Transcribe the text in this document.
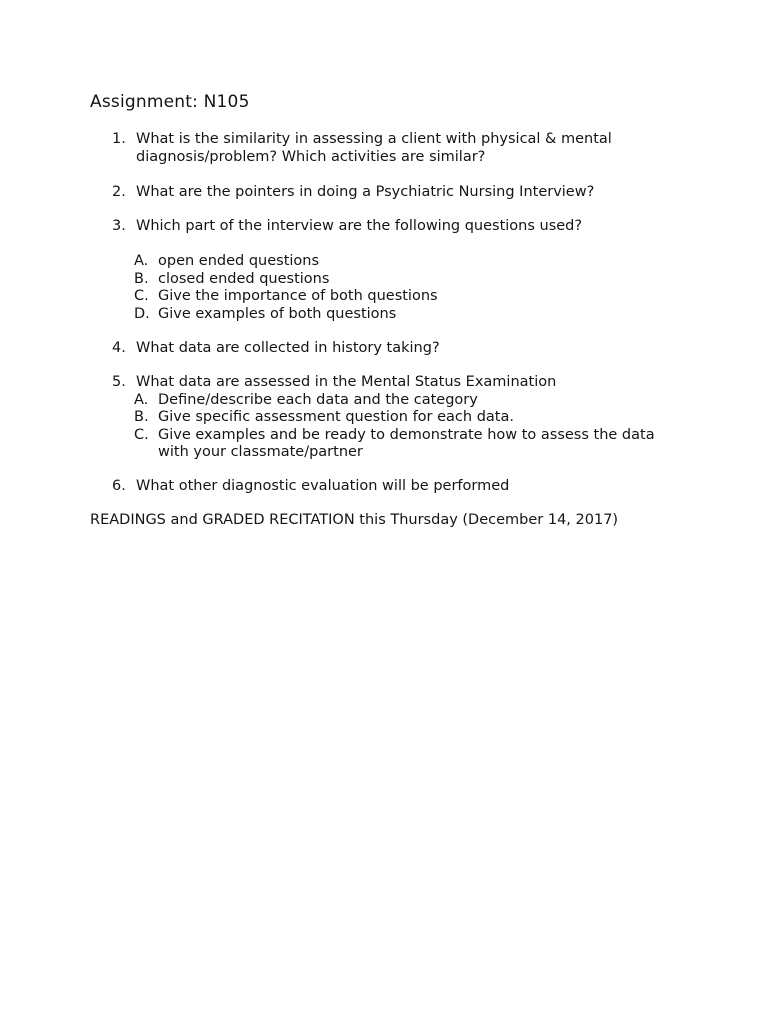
Assignment: N105
1. What is the similarity in assessing a client with physical & mental
diagnosis/problem? Which activities are similar?
2. What are the pointers in doing a Psychiatric Nursing Interview?
3. Which part of the interview are the following questions used?
A. open ended questions
B. closed ended questions
C. Give the importance of both questions
D. Give examples of both questions
4. What data are collected in history taking?
5. What data are assessed in the Mental Status Examination
A. Define/describe each data and the category
B. Give specific assessment question for each data.
C. Give examples and be ready to demonstrate how to assess the data
with your classmate/partner
6. What other diagnostic evaluation will be performed
READINGS and GRADED RECITATION this Thursday (December 14, 2017)
